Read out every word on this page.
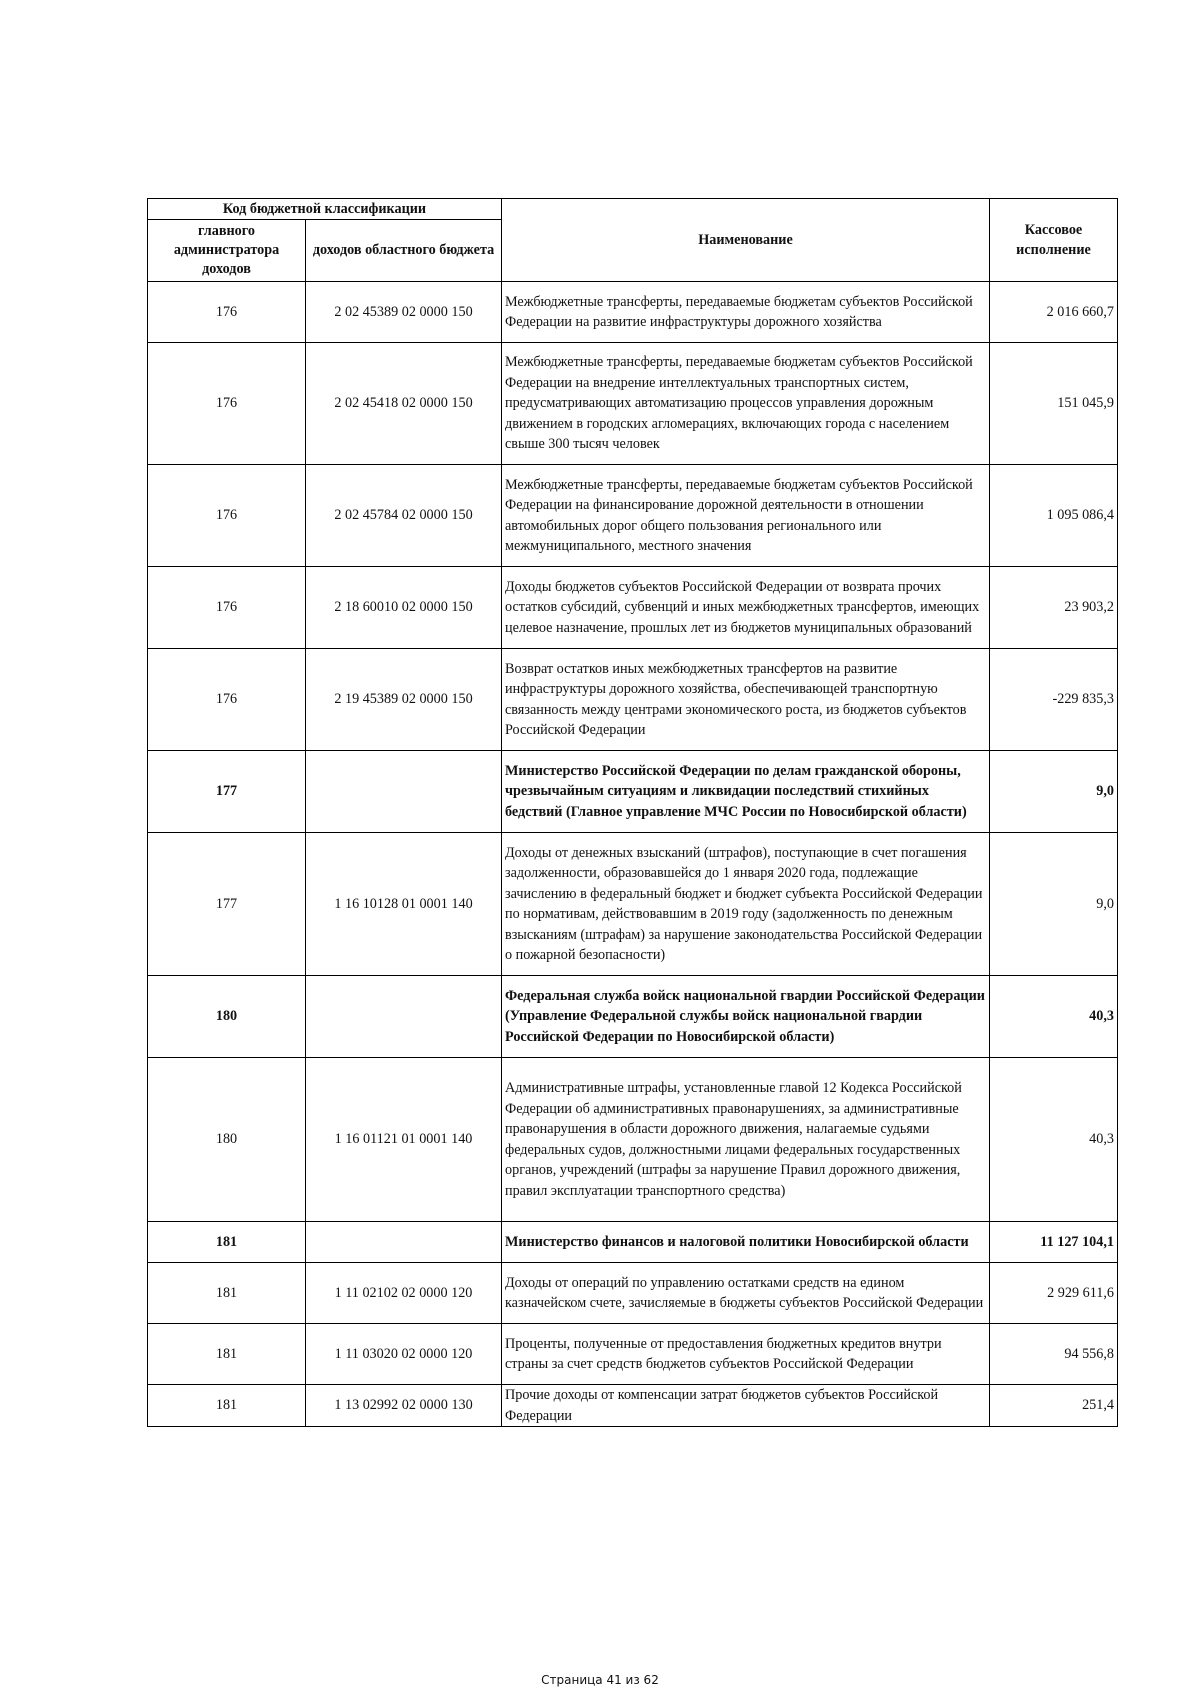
Код бюджетной классификации		Наименование	Кассовое исполнение
главного администратора доходов	доходов областного бюджета		
176	2 02 45389 02 0000 150	Межбюджетные трансферты, передаваемые бюджетам субъектов Российской Федерации на развитие инфраструктуры дорожного хозяйства	2 016 660,7
176	2 02 45418 02 0000 150	Межбюджетные трансферты, передаваемые бюджетам субъектов Российской Федерации на внедрение интеллектуальных транспортных систем, предусматривающих автоматизацию процессов управления дорожным движением в городских агломерациях, включающих города с населением свыше 300 тысяч человек	151 045,9
176	2 02 45784 02 0000 150	Межбюджетные трансферты, передаваемые бюджетам субъектов Российской Федерации на финансирование дорожной деятельности в отношении автомобильных дорог общего пользования регионального или межмуниципального, местного значения	1 095 086,4
176	2 18 60010 02 0000 150	Доходы бюджетов субъектов Российской Федерации от возврата прочих остатков субсидий, субвенций и иных межбюджетных трансфертов, имеющих целевое назначение, прошлых лет из бюджетов муниципальных образований	23 903,2
176	2 19 45389 02 0000 150	Возврат остатков иных межбюджетных трансфертов на развитие инфраструктуры дорожного хозяйства, обеспечивающей транспортную связанность между центрами экономического роста, из бюджетов субъектов Российской Федерации	-229 835,3
177		Министерство Российской Федерации по делам гражданской обороны, чрезвычайным ситуациям и ликвидации последствий стихийных бедствий (Главное управление МЧС России по Новосибирской области)	9,0
177	1 16 10128 01 0001 140	Доходы от денежных взысканий (штрафов), поступающие в счет погашения задолженности, образовавшейся до 1 января 2020 года, подлежащие зачислению в федеральный бюджет и бюджет субъекта Российской Федерации по нормативам, действовавшим в 2019 году (задолженность по денежным взысканиям (штрафам) за нарушение законодательства Российской Федерации о пожарной безопасности)	9,0
180		Федеральная служба войск национальной гвардии Российской Федерации (Управление Федеральной службы войск национальной гвардии Российской Федерации по Новосибирской области)	40,3
180	1 16 01121 01 0001 140	Административные штрафы, установленные главой 12 Кодекса Российской Федерации об административных правонарушениях, за административные правонарушения в области дорожного движения, налагаемые судьями федеральных судов, должностными лицами федеральных государственных органов, учреждений (штрафы за нарушение Правил дорожного движения, правил эксплуатации транспортного средства)	40,3
181		Министерство финансов и налоговой политики Новосибирской области	11 127 104,1
181	1 11 02102 02 0000 120	Доходы от операций по управлению остатками средств на едином казначейском счете, зачисляемые в бюджеты субъектов Российской Федерации	2 929 611,6
181	1 11 03020 02 0000 120	Проценты, полученные от предоставления бюджетных кредитов внутри страны за счет средств бюджетов субъектов Российской Федерации	94 556,8
181	1 13 02992 02 0000 130	Прочие доходы от компенсации затрат бюджетов субъектов Российской Федерации	251,4
Страница 41 из 62
